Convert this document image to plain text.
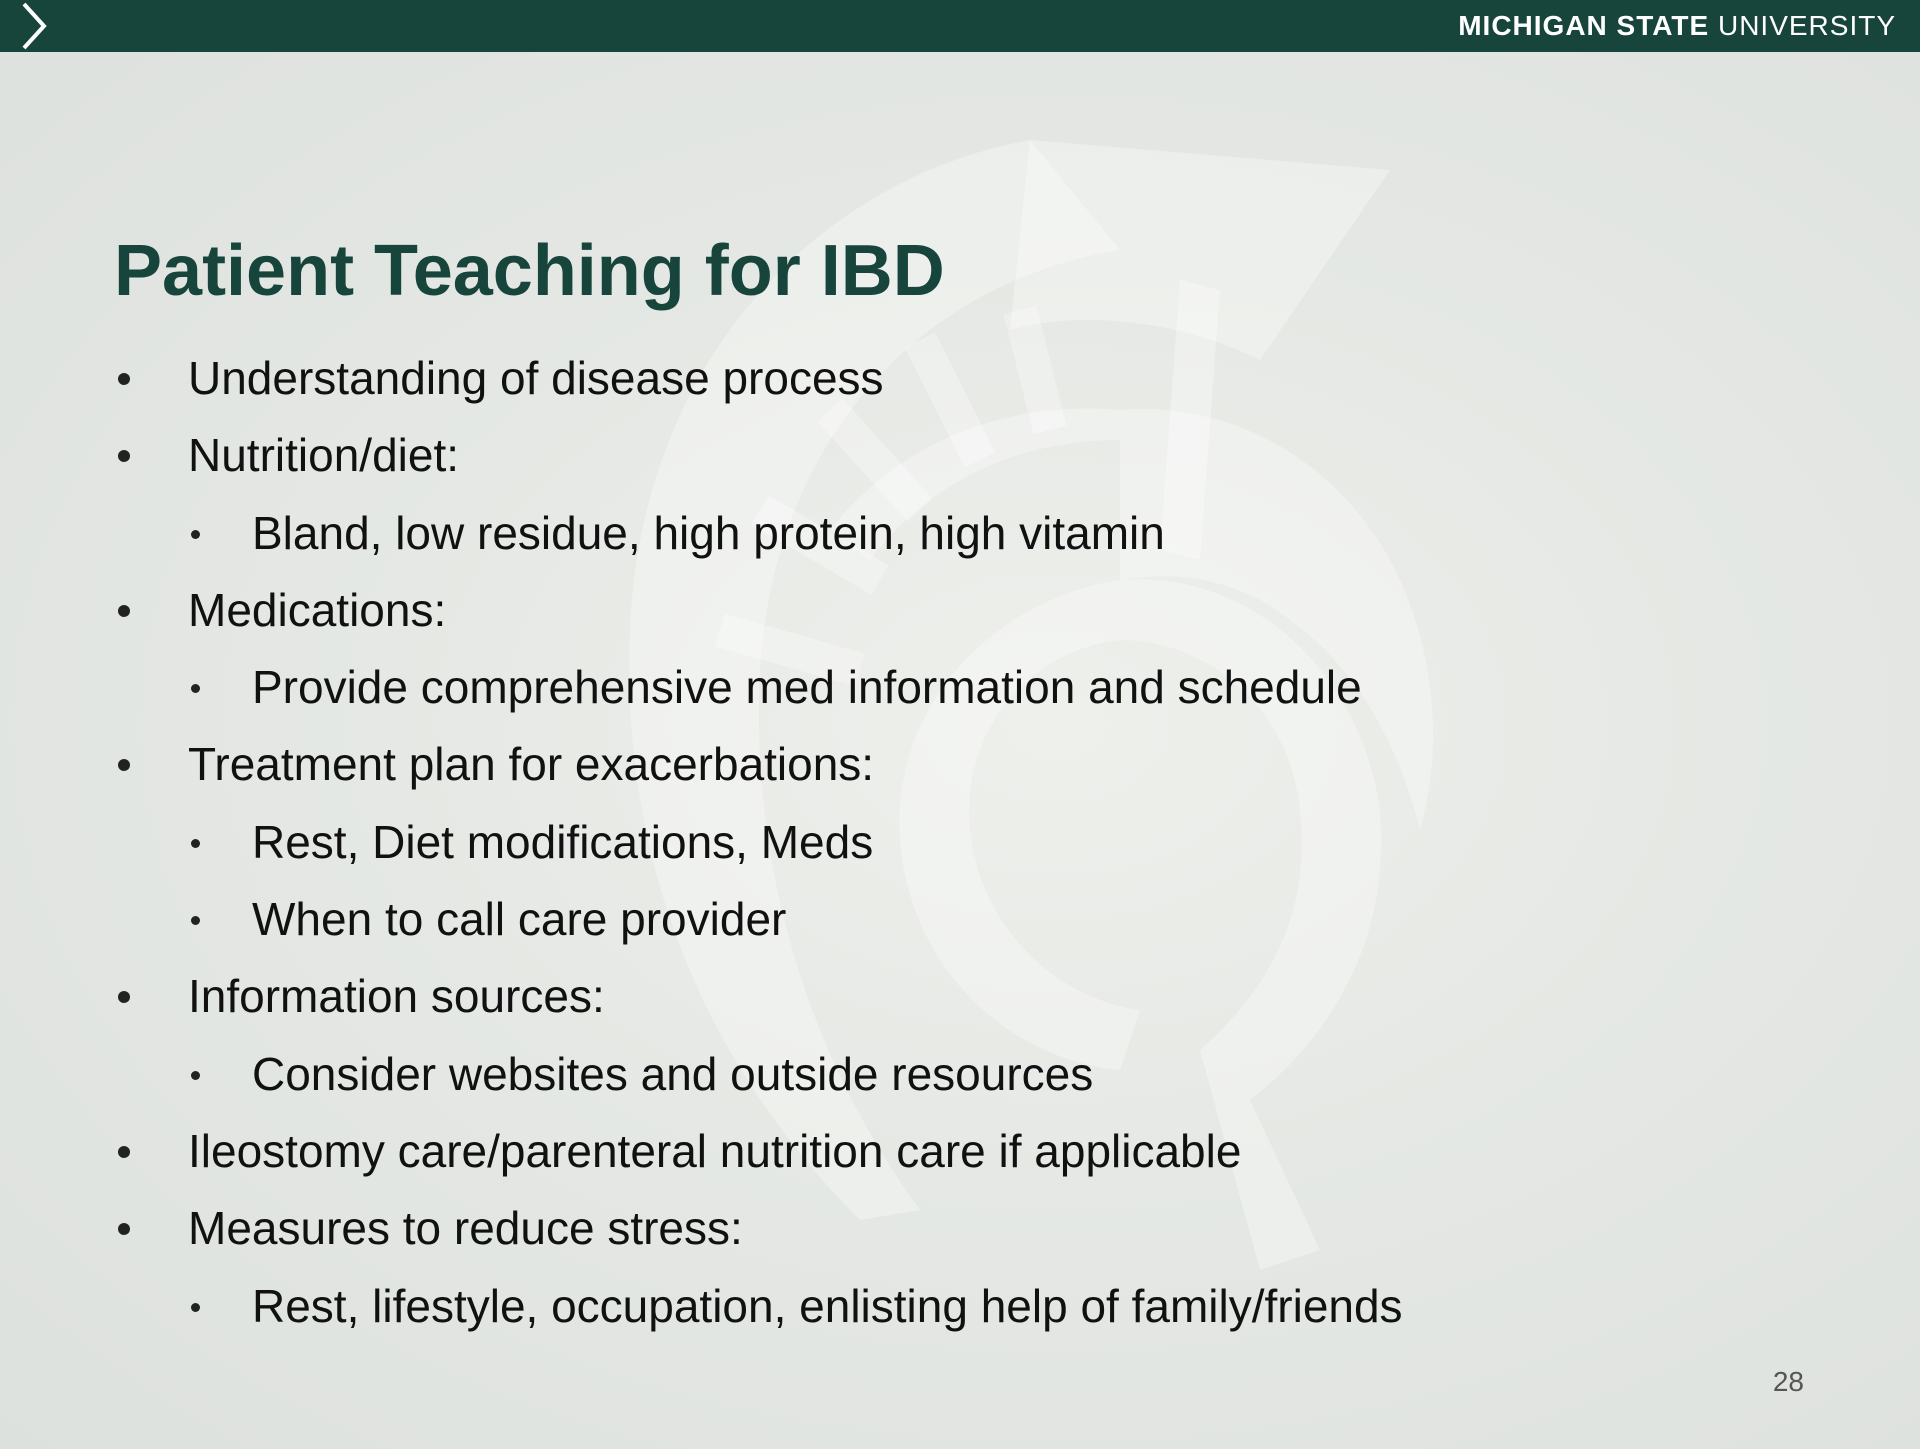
MICHIGAN STATE UNIVERSITY
Patient Teaching for IBD
Understanding of disease process
Nutrition/diet:
Bland, low residue, high protein, high vitamin
Medications:
Provide comprehensive med information and schedule
Treatment plan for exacerbations:
Rest, Diet modifications, Meds
When to call care provider
Information sources:
Consider websites and outside resources
Ileostomy care/parenteral nutrition care if applicable
Measures to reduce stress:
Rest, lifestyle, occupation, enlisting help of family/friends
28
